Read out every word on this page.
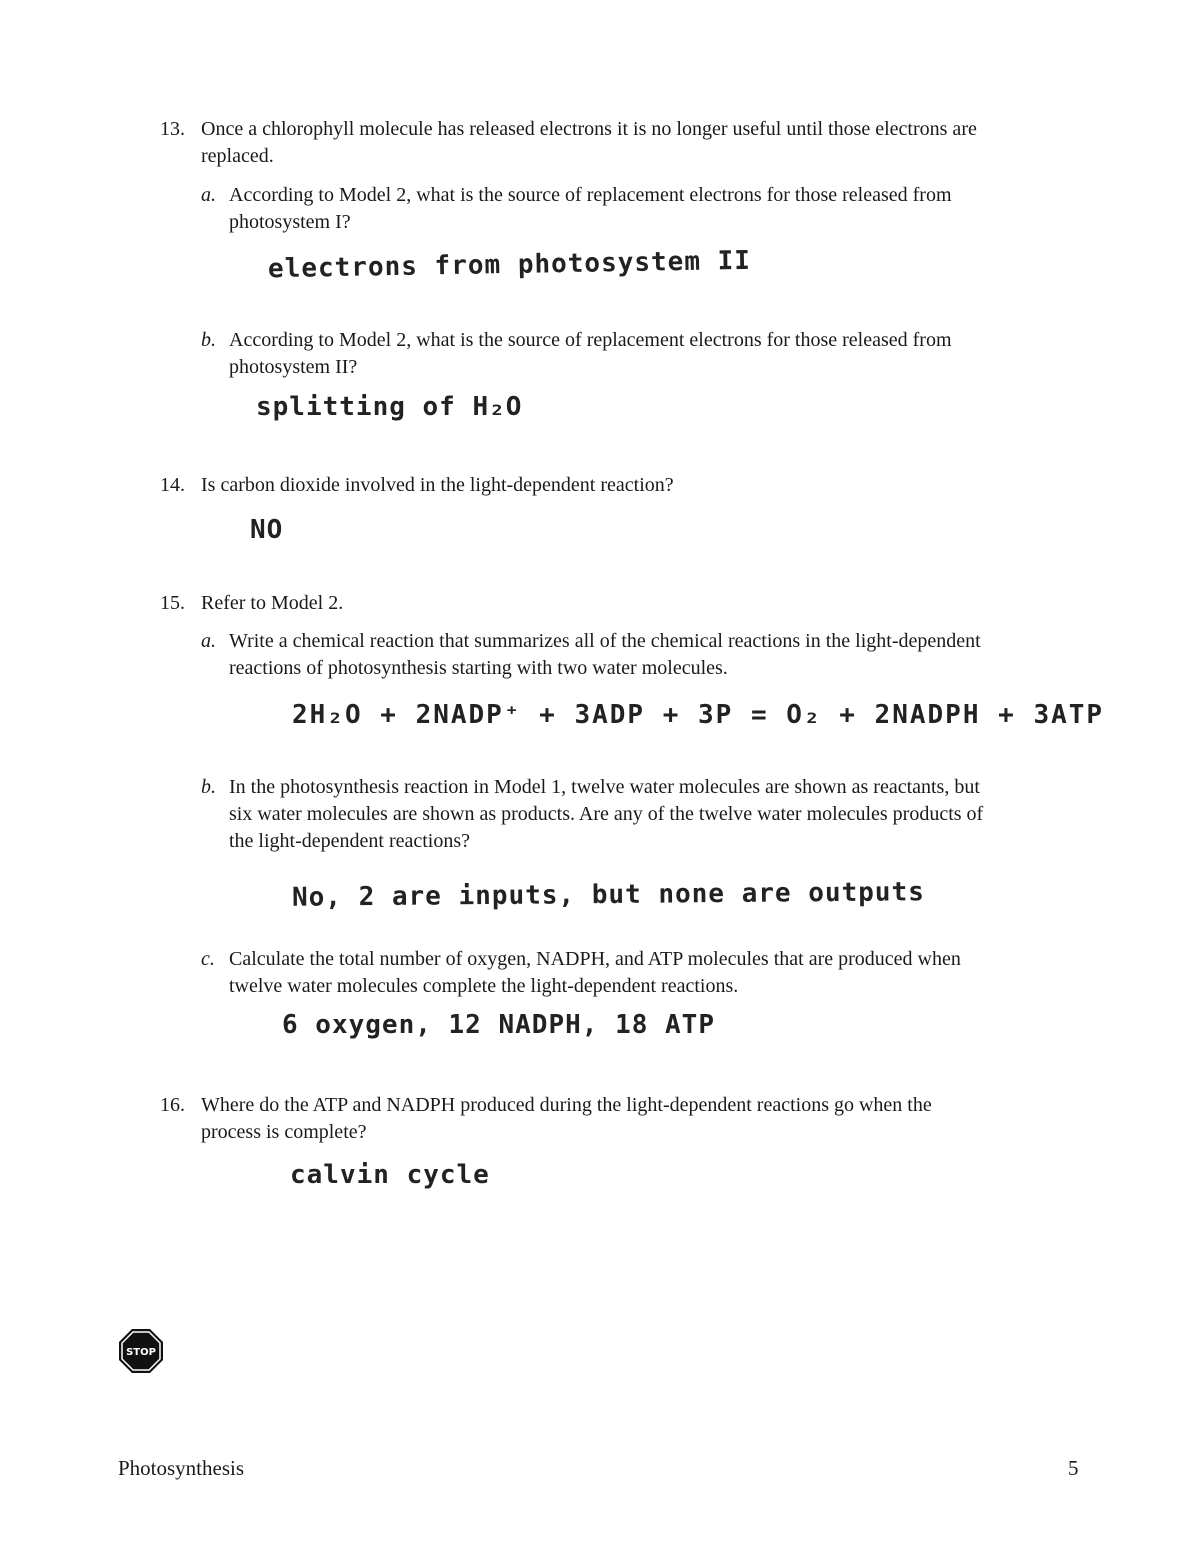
13. Once a chlorophyll molecule has released electrons it is no longer useful until those electrons are
replaced.
a. According to Model 2, what is the source of replacement electrons for those released from
photosystem I?
electrons from photosystem II
b. According to Model 2, what is the source of replacement electrons for those released from
photosystem II?
splitting of H₂O
14. Is carbon dioxide involved in the light-dependent reaction?
NO
15. Refer to Model 2.
a. Write a chemical reaction that summarizes all of the chemical reactions in the light-dependent
reactions of photosynthesis starting with two water molecules.
2H₂O + 2NADP⁺ + 3ADP + 3P = O₂ + 2NADPH + 3ATP
b. In the photosynthesis reaction in Model 1, twelve water molecules are shown as reactants, but
six water molecules are shown as products. Are any of the twelve water molecules products of
the light-dependent reactions?
No, 2 are inputs, but none are outputs
c. Calculate the total number of oxygen, NADPH, and ATP molecules that are produced when
twelve water molecules complete the light-dependent reactions.
6 oxygen, 12 NADPH, 18 ATP
16. Where do the ATP and NADPH produced during the light-dependent reactions go when the
process is complete?
calvin cycle
STOP
Photosynthesis	5
